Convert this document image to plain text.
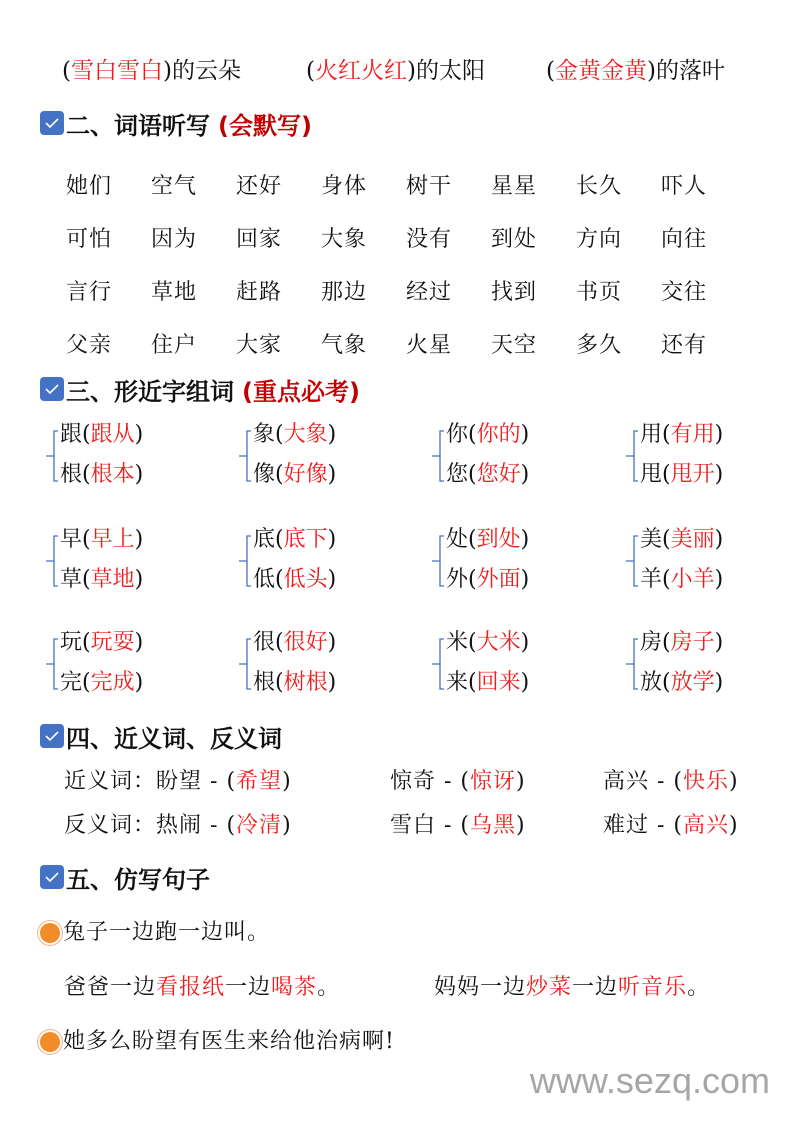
(雪白雪白)的云朵	(火红火红)的太阳	(金黄金黄)的落叶
二、词语听写 (会默写)
她们	空气	还好	身体	树干	星星	长久	吓人
可怕	因为	回家	大象	没有	到处	方向	向往
言行	草地	赶路	那边	经过	找到	书页	交往
父亲	住户	大家	气象	火星	天空	多久	还有
三、形近字组词 (重点必考)
跟(跟从)
根(根本)
象(大象)
像(好像)
你(你的)
您(您好)
用(有用)
甩(甩开)
早(早上)
草(草地)
底(底下)
低(低头)
处(到处)
外(外面)
美(美丽)
羊(小羊)
玩(玩耍)
完(完成)
很(很好)
根(树根)
米(大米)
来(回来)
房(房子)
放(放学)
四、近义词、反义词
近义词：盼望 - (希望)	惊奇 - (惊讶)	高兴 - (快乐)
反义词：热闹 - (冷清)	雪白 - (乌黑)	难过 - (高兴)
五、仿写句子
兔子一边跑一边叫。
爸爸一边看报纸一边喝茶。	妈妈一边炒菜一边听音乐。
她多么盼望有医生来给他治病啊!
www.sezq.com
